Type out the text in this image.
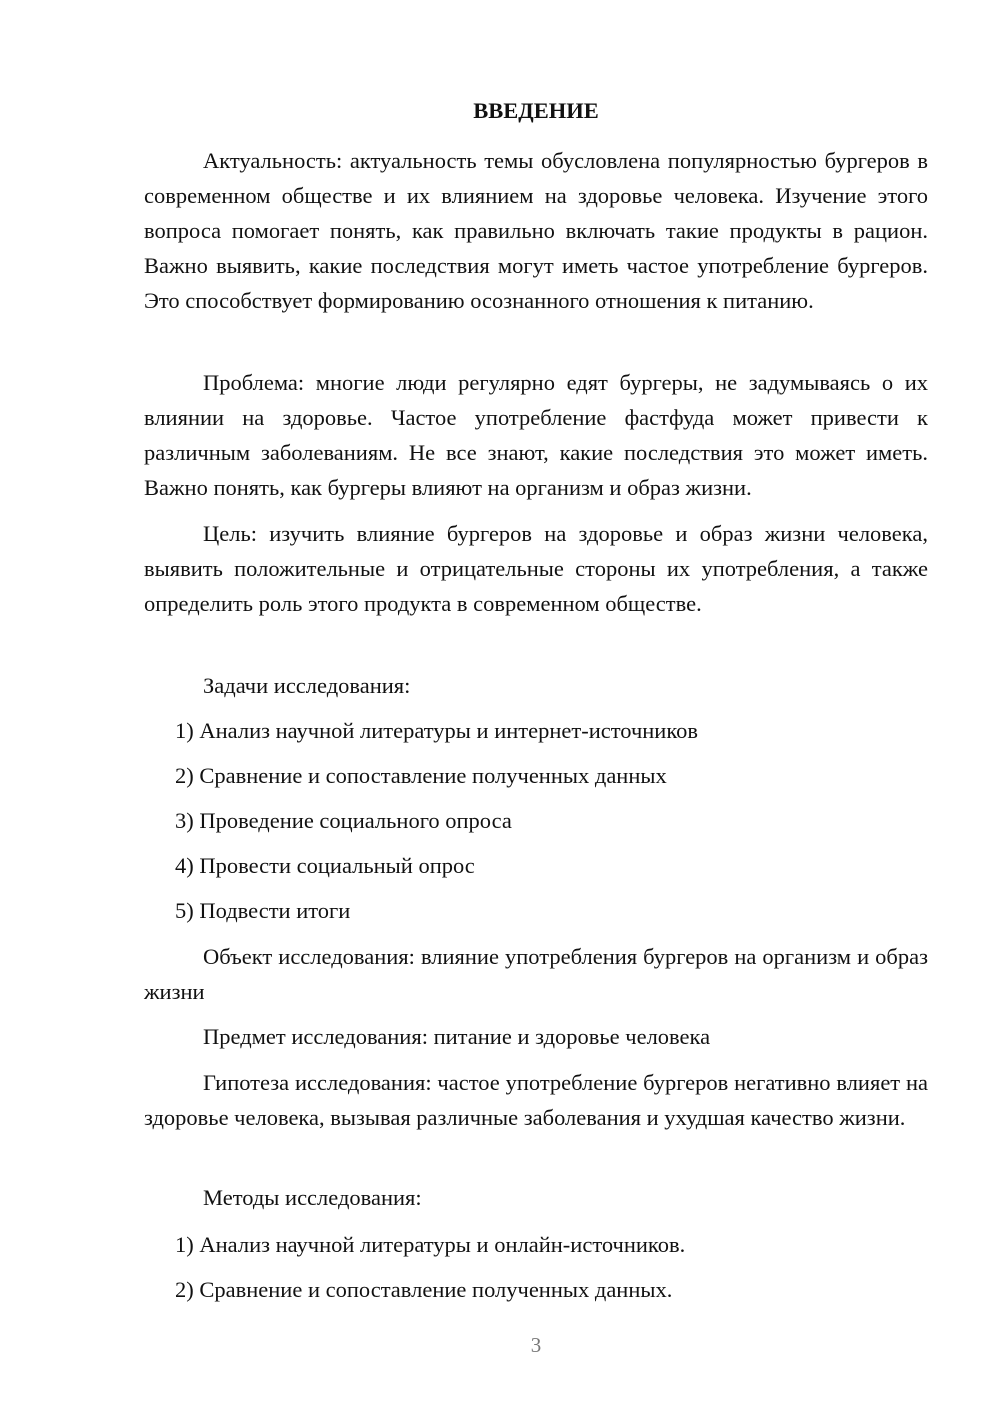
ВВЕДЕНИЕ

Актуальность: актуальность темы обусловлена популярностью бургеров в современном обществе и их влиянием на здоровье человека. Изучение этого вопроса помогает понять, как правильно включать такие продукты в рацион. Важно выявить, какие последствия могут иметь частое употребление бургеров. Это способствует формированию осознанного отношения к питанию.

Проблема: многие люди регулярно едят бургеры, не задумываясь о их влиянии на здоровье. Частое употребление фастфуда может привести к различным заболеваниям. Не все знают, какие последствия это может иметь. Важно понять, как бургеры влияют на организм и образ жизни.

Цель: изучить влияние бургеров на здоровье и образ жизни человека, выявить положительные и отрицательные стороны их употребления, а также определить роль этого продукта в современном обществе.

Задачи исследования:

1) Анализ научной литературы и интернет-источников

2) Сравнение и сопоставление полученных данных

3) Проведение социального опроса

4) Провести социальный опрос

5) Подвести итоги

Объект исследования: влияние употребления бургеров на организм и образ жизни

Предмет исследования: питание и здоровье человека

Гипотеза исследования: частое употребление бургеров негативно влияет на здоровье человека, вызывая различные заболевания и ухудшая качество жизни.

Методы исследования:

1) Анализ научной литературы и онлайн-источников.

2) Сравнение и сопоставление полученных данных.

3
